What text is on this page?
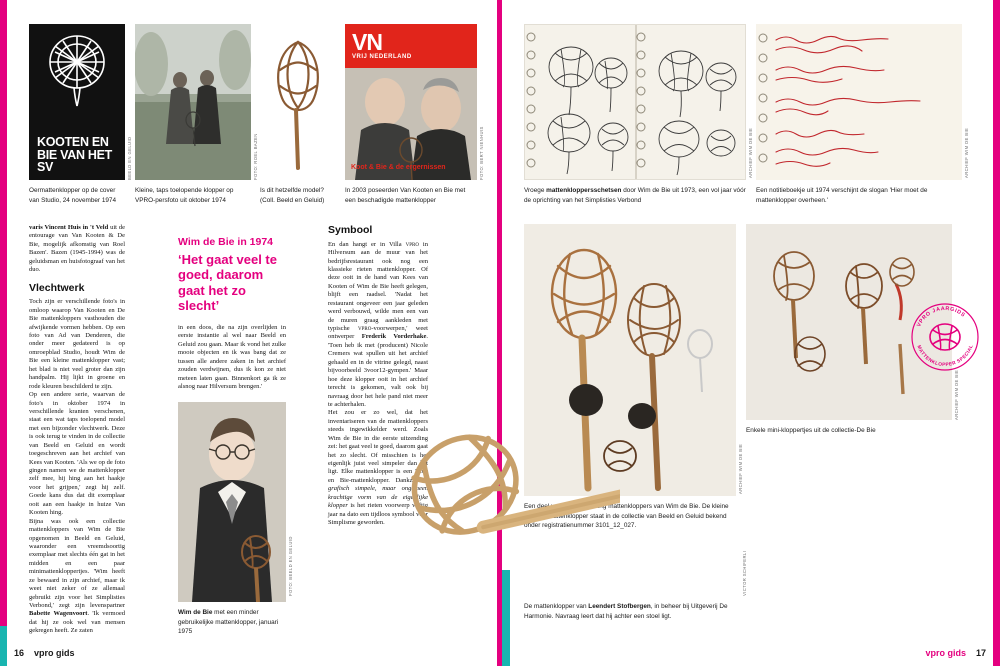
KOOTEN EN BIE VAN HET SV
Oermattenklopper op de cover van Studio, 24 november 1974
BEELD EN GELUID
Kleine, taps toelopende klopper op VPRO-persfoto uit oktober 1974
FOTO: ROEL BAZEN
Is dit hetzelfde model? (Coll. Beeld en Geluid)
VN
VRIJ NEDERLAND
Koot & Bie & de ergernissen
In 2003 poseerden Van Kooten en Bie met een beschadigde mattenklopper
FOTO: BERT NIENHUIS
Vroege mattenkloppersschetsen door Wim de Bie uit 1973, een vol jaar vóór de oprichting van het Simplisties Verbond
ARCHIEF WIM DE BIE
Een notitieboekje uit 1974 verschijnt de slogan 'Hier moet de mattenklopper overheen.'
ARCHIEF WIM DE BIE

varis Vincent Huis in 't Veld uit de entourage van Van Kooten & De Bie, mogelijk afkomstig van Roel Bazen'. Bazen (1945-1994) was de geluidsman en huisfotograaf van het duo.

Vlechtwerk

Toch zijn er verschillende foto's in omloop waarop Van Kooten en De Bie mattenkloppers vasthouden die afwijkende vormen hebben. Op een foto van Ad van Denderen, die onder meer gedateerd is op omroepblad Studio, houdt Wim de Bie een kleine mattenklopper vast; het blad is niet veel groter dan zijn handpalm. Hij lijkt in groene en rode kleuren beschilderd te zijn.

Op een andere serie, waarvan de foto's in oktober 1974 in verschillende kranten verschenen, staat een wat taps toelopend model met een bijzonder vlechtwerk. Deze is ook terug te vinden in de collectie van Beeld en Geluid en wordt toegeschreven aan het archief van Kees van Kooten. 'Als we op de foto gingen namen we de mattenklopper zelf mee, hij hing aan het haakje voor het grijpen,' zegt hij zelf. Goede kans dus dat dit exemplaar ooit aan een haakje in huize Van Kooten hing.

Bijna was ook een collectie mattenkloppers van Wim de Bie opgenomen in Beeld en Geluid, waaronder een vreemdsoortig exemplaar met slechts één gat in het midden en een paar minimattenkloppertjes. 'Wim heeft ze bewaard in zijn archief, maar ik weet niet zeker of ze allemaal gebruikt zijn voor het Simplisties Verbond,' zegt zijn levenspartner Babette Wagenvoort. 'Ik vermoed dat hij ze ook wel van mensen gekregen heeft. Ze zaten

Wim de Bie in 1974
‘Het gaat veel te goed, daarom gaat het zo slecht’

in een doos, die na zijn overlijden in eerste instantie al wel naar Beeld en Geluid zou gaan. Maar ik vond het zulke mooie objecten en ik was bang dat ze tussen alle andere zaken in het archief zouden verdwijnen, dus ik kon ze niet meteen laten gaan. Binnenkort ga ik ze alsnog naar Hilversum brengen.'

Wim de Bie met een minder gebruikelijke mattenklopper, januari 1975
FOTO: BEELD EN GELUID
Symbool

En dan hangt er in Villa vpro in Hilversum aan de muur van het bedrijfsrestaurant ook nog een klassieke rieten mattenklopper. Of deze ooit in de hand van Kees van Kooten of Wim de Bie heeft gelegen, blijft een raadsel. 'Nadat het restaurant ongeveer een jaar geleden werd verbouwd, wilde men een van de muren graag aankleden met typische vpro-voorwerpen,' weet ontwerper Frederik Vorderhake. 'Toen heb ik met (producent) Nicole Cremers wat spullen uit het archief gehaald en in de vitrine gelegd, naast bijvoorbeeld 3voor12-gympen.' Maar hoe deze klopper ooit in het archief terecht is gekomen, valt ook bij navraag door het hele pand niet meer te achterhalen.

Het zou er zo wel, dat het inventariseren van de mattenkloppers steeds ingewikkelder werd. Zoals Wim de Bie in die eerste uitzending zei: het gaat veel te goed, daarom gaat het zo slecht. Of misschien is het eigenlijk juist veel simpeler dan het ligt. Elke mattenklopper is een Koot en Bie-mattenklopper. Dankzij de grafisch simpele, maar ongemeen krachtige vorm van de eigenlijke klopper is het rieten voorwerp vijftig jaar na dato een tijdloos symbool voor Simplisme geworden.

Een deel van de verzameling mattenkloppers van Wim de Bie. De kleine zilveren mattenklopper staat in de collectie van Beeld en Geluid bekend onder registratienummer 3101_12_027.
ARCHIEF WIM DE BIE
Enkele mini-kloppertjes uit de collectie-De Bie
ARCHIEF WIM DE BIE
De mattenklopper van Leendert Stofbergen, in beheer bij Uitgeverij De Harmonie. Navraag leert dat hij achter een stoel ligt.
VICTOR SCHIFERLI
VPRO JAARGIDS
MATTENKLOPPER SPECIAL
16 vpro gids	17
vpro gids
